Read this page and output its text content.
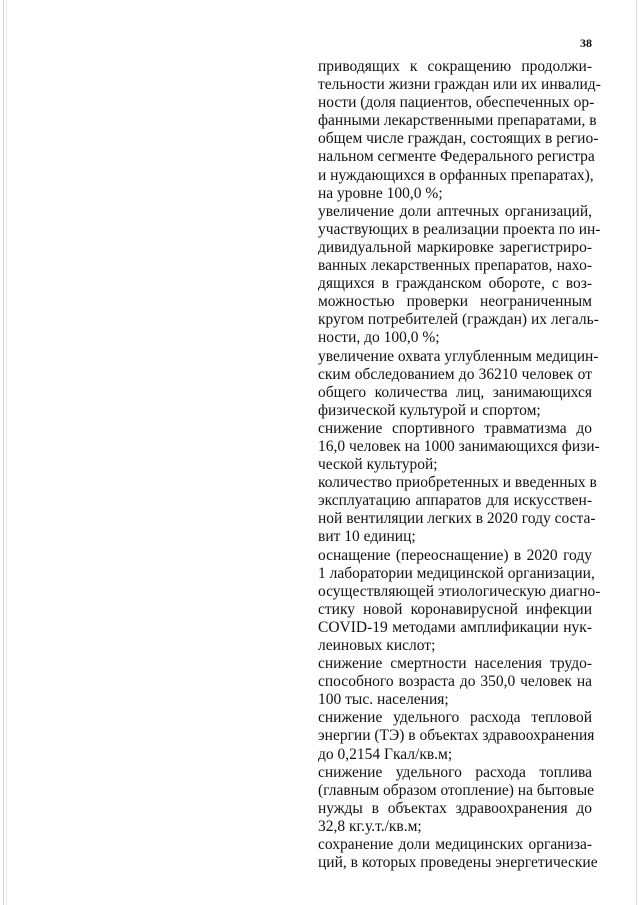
38
приводящих к сокращению продолжи-
тельности жизни граждан или их инвалид-
ности (доля пациентов, обеспеченных ор-
фанными лекарственными препаратами, в
общем числе граждан, состоящих в регио-
нальном сегменте Федерального регистра
и нуждающихся в орфанных препаратах),
на уровне 100,0 %;
увеличение доли аптечных организаций,
участвующих в реализации проекта по ин-
дивидуальной маркировке зарегистриро-
ванных лекарственных препаратов, нахо-
дящихся в гражданском обороте, с воз-
можностью проверки неограниченным
кругом потребителей (граждан) их легаль-
ности, до 100,0 %;
увеличение охвата углубленным медицин-
ским обследованием до 36210 человек от
общего количества лиц, занимающихся
физической культурой и спортом;
снижение спортивного травматизма до
16,0 человек на 1000 занимающихся физи-
ческой культурой;
количество приобретенных и введенных в
эксплуатацию аппаратов для искусствен-
ной вентиляции легких в 2020 году соста-
вит 10 единиц;
оснащение (переоснащение) в 2020 году
1 лаборатории медицинской организации,
осуществляющей этиологическую диагно-
стику новой коронавирусной инфекции
COVID-19 методами амплификации нук-
леиновых кислот;
снижение смертности населения трудо-
способного возраста до 350,0 человек на
100 тыс. населения;
снижение удельного расхода тепловой
энергии (ТЭ) в объектах здравоохранения
до 0,2154 Гкал/кв.м;
снижение удельного расхода топлива
(главным образом отопление) на бытовые
нужды в объектах здравоохранения до
32,8 кг.у.т./кв.м;
сохранение доли медицинских организа-
ций, в которых проведены энергетические
